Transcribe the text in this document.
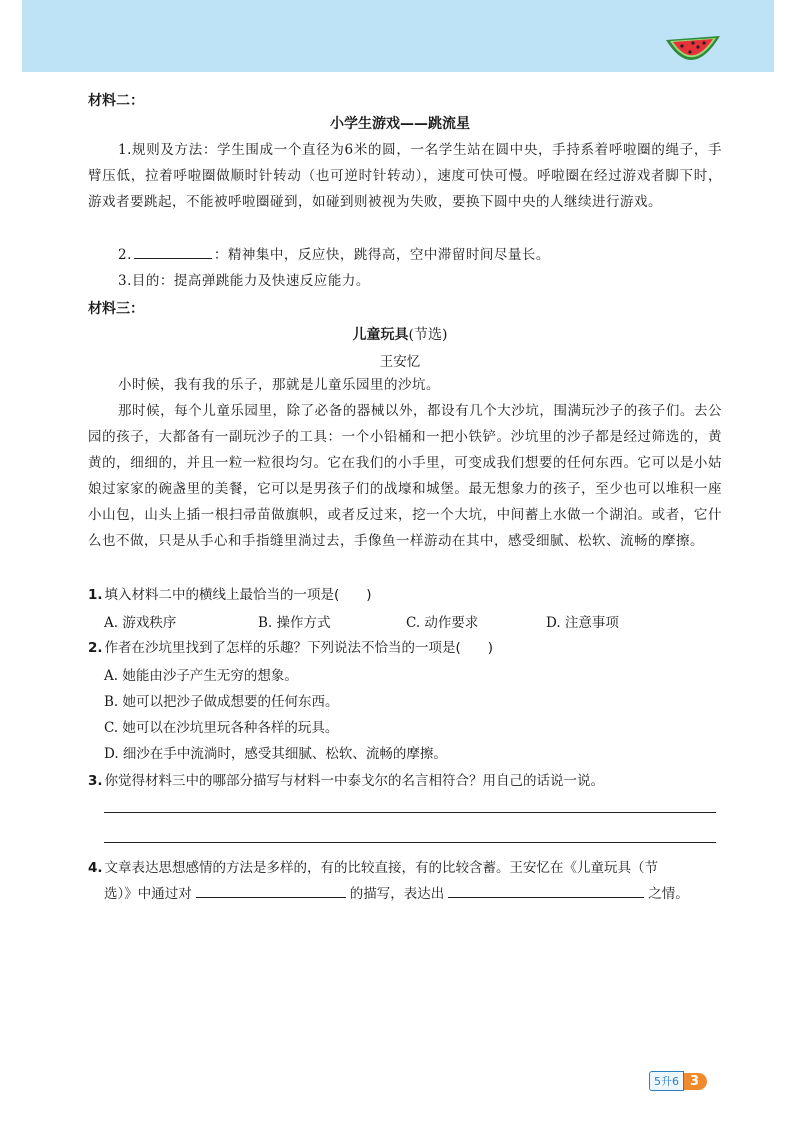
材料二：
小学生游戏——跳流星
1.规则及方法：学生围成一个直径为6米的圆，一名学生站在圆中央，手持系着呼啦圈的绳子，手臂压低，拉着呼啦圈做顺时针转动（也可逆时针转动），速度可快可慢。呼啦圈在经过游戏者脚下时，游戏者要跳起，不能被呼啦圈碰到，如碰到则被视为失败，要换下圆中央的人继续进行游戏。
2.	：精神集中，反应快，跳得高，空中滞留时间尽量长。
3.目的：提高弹跳能力及快速反应能力。
材料三：
儿童玩具(节选)
王安忆
小时候，我有我的乐子，那就是儿童乐园里的沙坑。
那时候，每个儿童乐园里，除了必备的器械以外，都设有几个大沙坑，围满玩沙子的孩子们。去公园的孩子，大都备有一副玩沙子的工具：一个小铅桶和一把小铁铲。沙坑里的沙子都是经过筛选的，黄黄的，细细的，并且一粒一粒很均匀。它在我们的小手里，可变成我们想要的任何东西。它可以是小姑娘过家家的碗盏里的美餐，它可以是男孩子们的战壕和城堡。最无想象力的孩子，至少也可以堆积一座小山包，山头上插一根扫帚苗做旗帜，或者反过来，挖一个大坑，中间蓄上水做一个湖泊。或者，它什么也不做，只是从手心和手指缝里淌过去，手像鱼一样游动在其中，感受细腻、松软、流畅的摩擦。
1. 填入材料二中的横线上最恰当的一项是(　　)
A. 游戏秩序	B. 操作方式	C. 动作要求	D. 注意事项
2. 作者在沙坑里找到了怎样的乐趣？下列说法不恰当的一项是(　　)
A. 她能由沙子产生无穷的想象。
B. 她可以把沙子做成想要的任何东西。
C. 她可以在沙坑里玩各种各样的玩具。
D. 细沙在手中流淌时，感受其细腻、松软、流畅的摩擦。
3. 你觉得材料三中的哪部分描写与材料一中泰戈尔的名言相符合？用自己的话说一说。
4. 文章表达思想感情的方法是多样的，有的比较直接，有的比较含蓄。王安忆在《儿童玩具（节
选）》中通过对	的描写，表达出	之情。
5升6 3
